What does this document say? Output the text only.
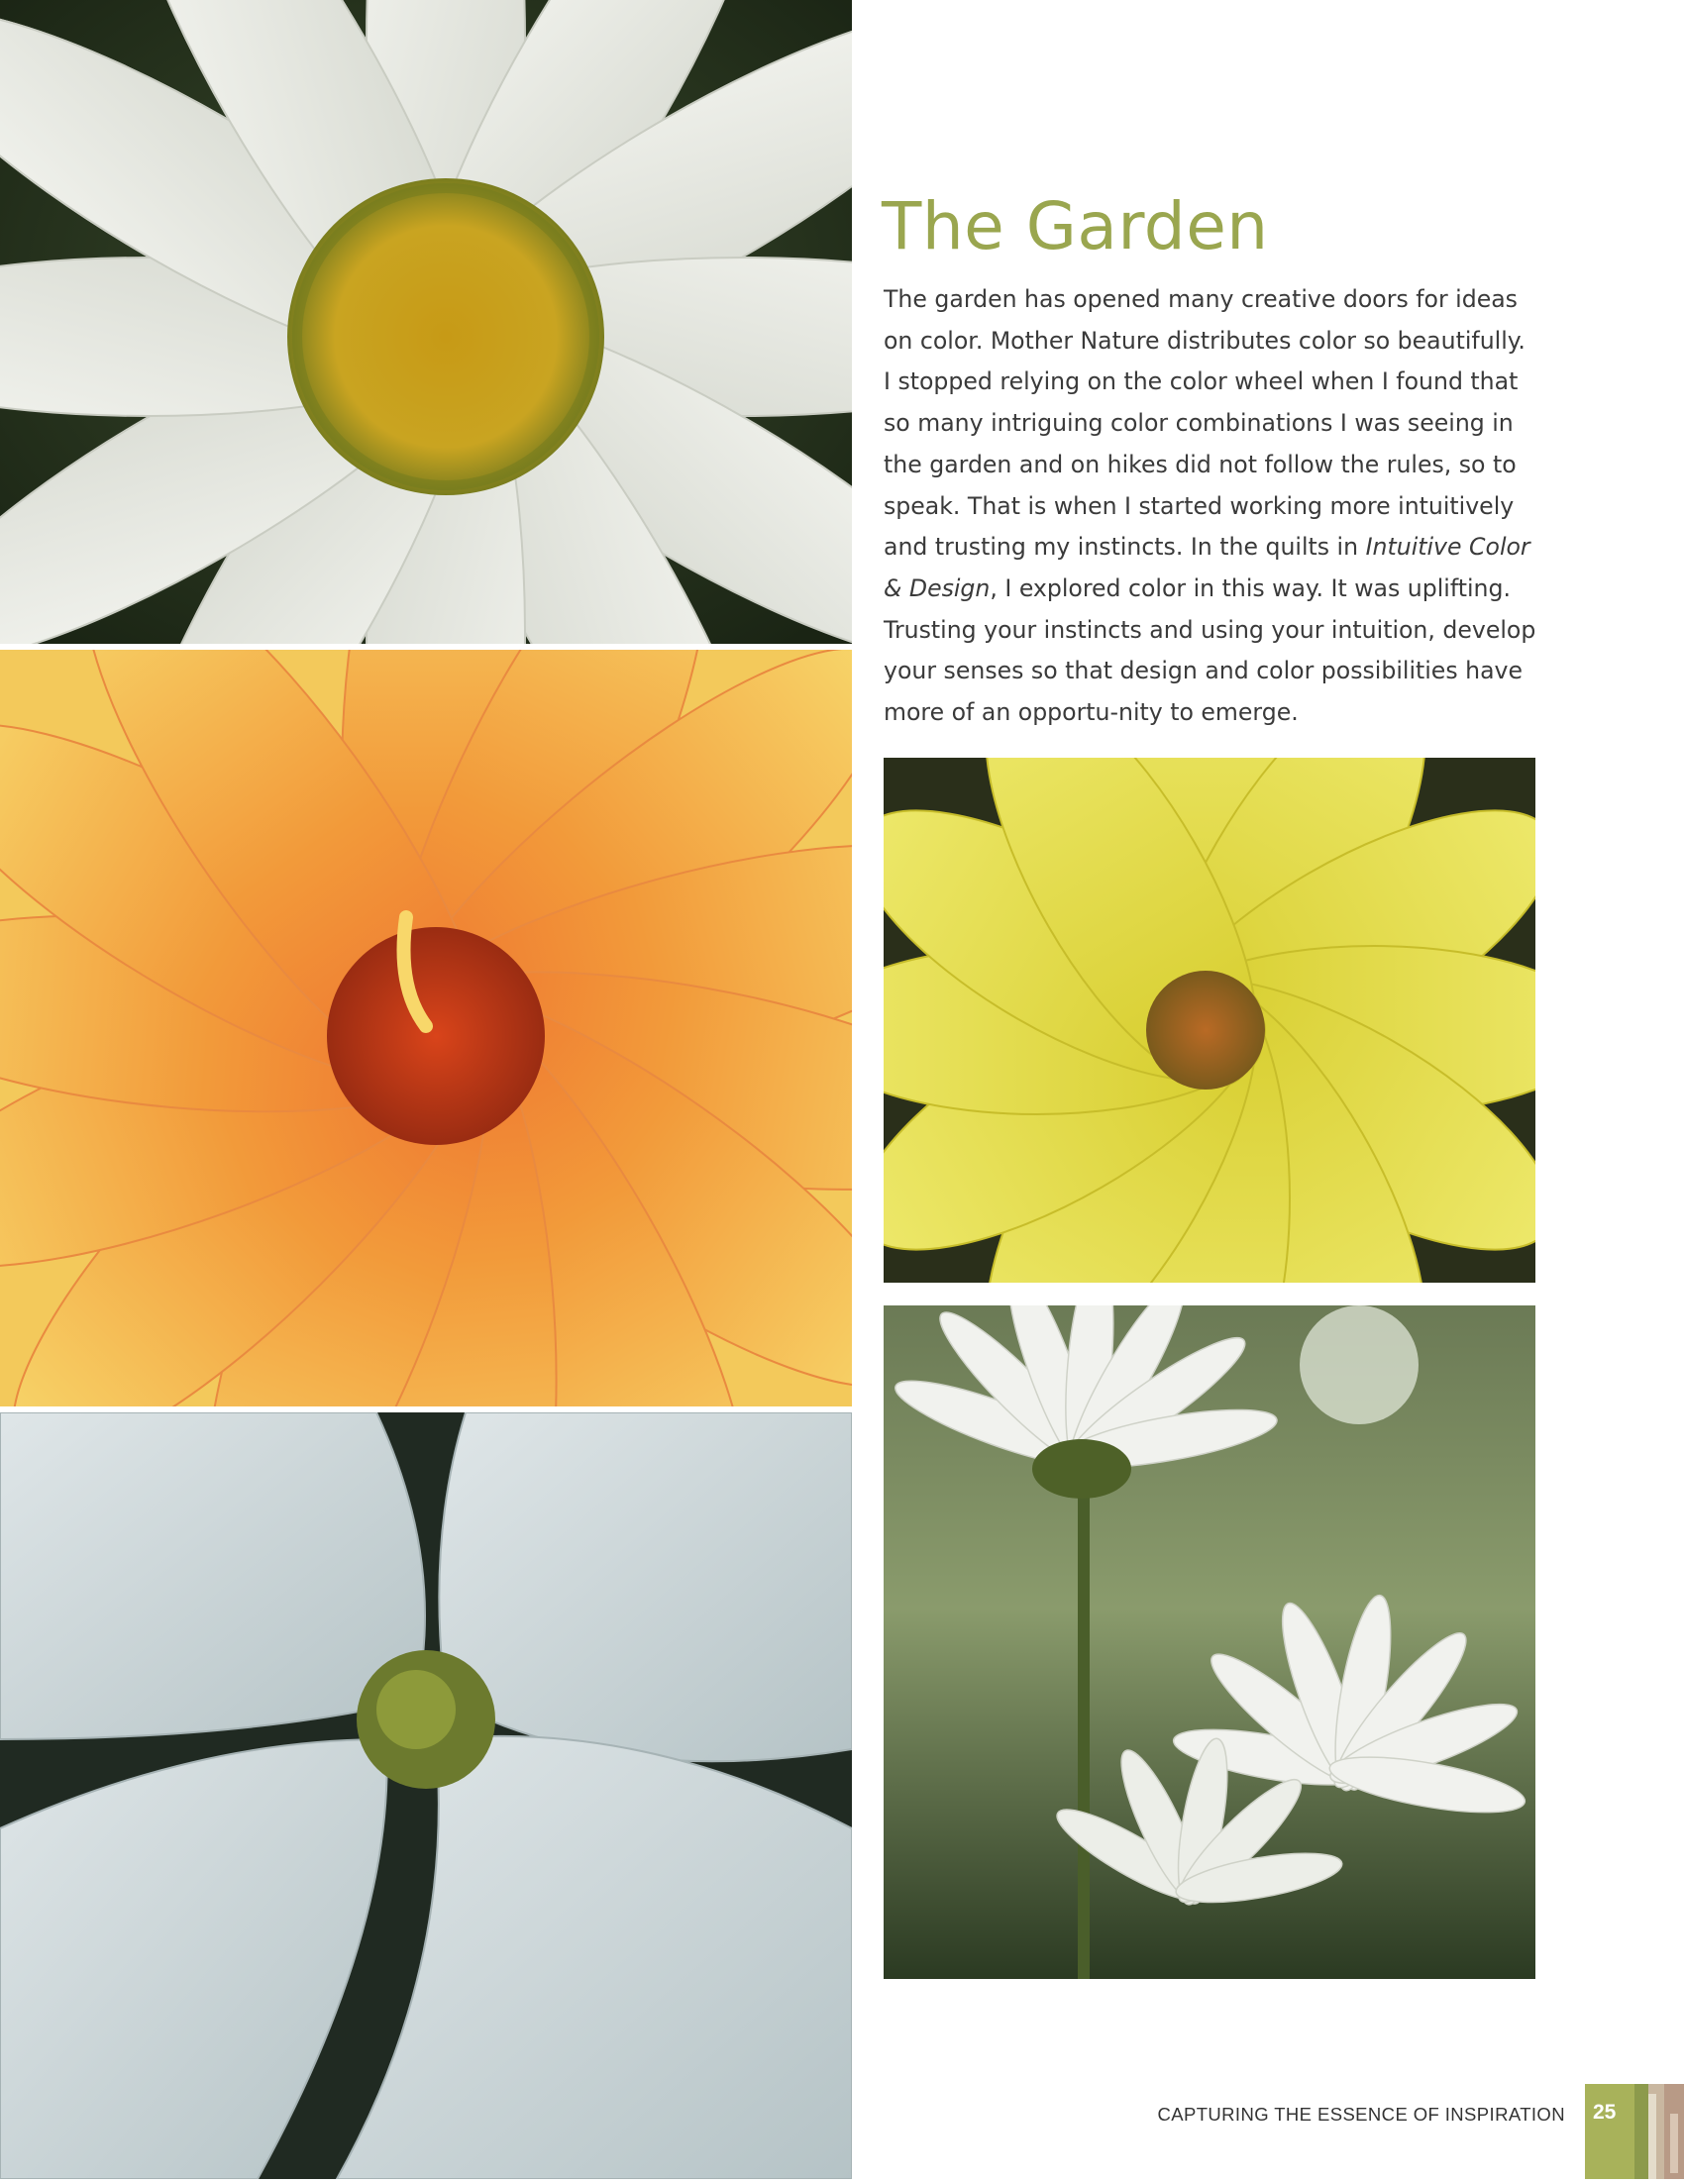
The Garden

The garden has opened many creative doors for ideas on color. Mother Nature distributes color so beautifully. I stopped relying on the color wheel when I found that so many intriguing color combinations I was seeing in the garden and on hikes did not follow the rules, so to speak. That is when I started working more intuitively and trusting my instincts. In the quilts in Intuitive Color & Design, I explored color in this way. It was uplifting. Trusting your instincts and using your intuition, develop your senses so that design and color possibilities have more of an opportu-nity to emerge.

CAPTURING THE ESSENCE OF INSPIRATION 25
